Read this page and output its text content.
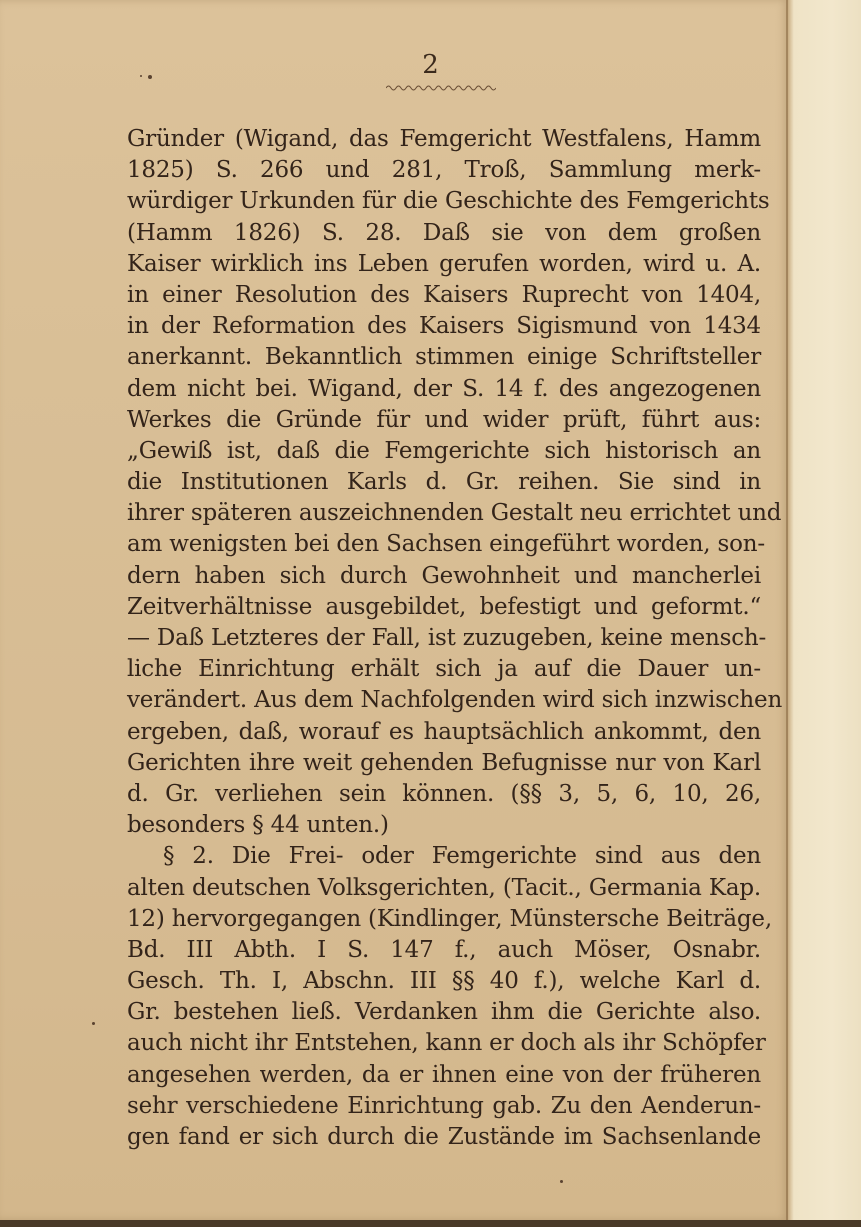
2
Gründer (Wigand, das Femgericht Westfalens, Hamm
1825) S. 266 und 281, Troß, Sammlung merk-
würdiger Urkunden für die Geschichte des Femgerichts
(Hamm 1826) S. 28. Daß sie von dem großen
Kaiser wirklich ins Leben gerufen worden, wird u. A.
in einer Resolution des Kaisers Ruprecht von 1404,
in der Reformation des Kaisers Sigismund von 1434
anerkannt. Bekanntlich stimmen einige Schriftsteller
dem nicht bei. Wigand, der S. 14 f. des angezogenen
Werkes die Gründe für und wider prüft, führt aus:
„Gewiß ist, daß die Femgerichte sich historisch an
die Institutionen Karls d. Gr. reihen. Sie sind in
ihrer späteren auszeichnenden Gestalt neu errichtet und
am wenigsten bei den Sachsen eingeführt worden, son-
dern haben sich durch Gewohnheit und mancherlei
Zeitverhältnisse ausgebildet, befestigt und geformt.“
— Daß Letzteres der Fall, ist zuzugeben, keine mensch-
liche Einrichtung erhält sich ja auf die Dauer un-
verändert. Aus dem Nachfolgenden wird sich inzwischen
ergeben, daß, worauf es hauptsächlich ankommt, den
Gerichten ihre weit gehenden Befugnisse nur von Karl
d. Gr. verliehen sein können. (§§ 3, 5, 6, 10, 26,
besonders § 44 unten.)
§ 2. Die Frei- oder Femgerichte sind aus den
alten deutschen Volksgerichten, (Tacit., Germania Kap.
12) hervorgegangen (Kindlinger, Münstersche Beiträge,
Bd. III Abth. I S. 147 f., auch Möser, Osnabr.
Gesch. Th. I, Abschn. III §§ 40 f.), welche Karl d.
Gr. bestehen ließ. Verdanken ihm die Gerichte also.
auch nicht ihr Entstehen, kann er doch als ihr Schöpfer
angesehen werden, da er ihnen eine von der früheren
sehr verschiedene Einrichtung gab. Zu den Aenderun-
gen fand er sich durch die Zustände im Sachsenlande
